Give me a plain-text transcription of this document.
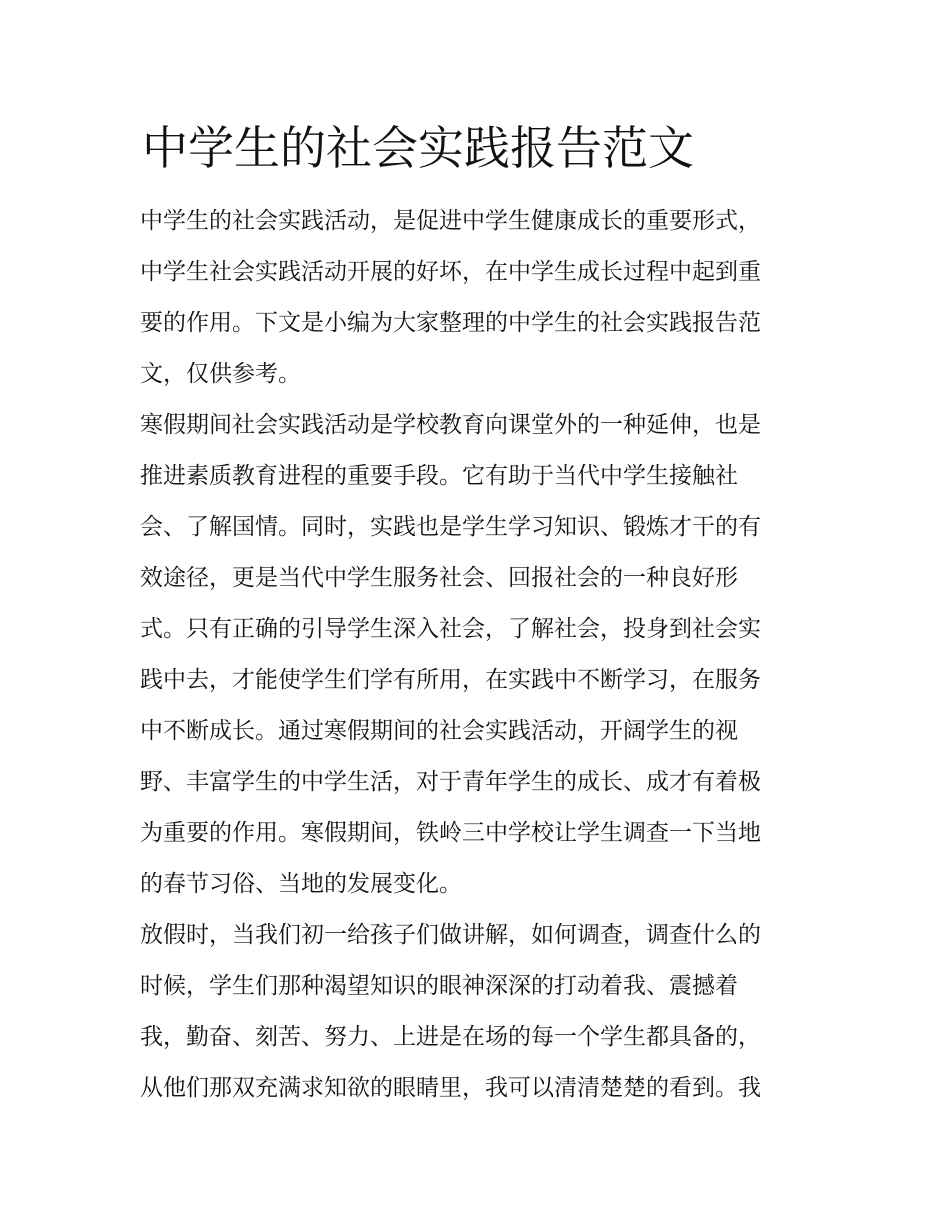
中学生的社会实践报告范文
中学生的社会实践活动，是促进中学生健康成长的重要形式，
中学生社会实践活动开展的好坏，在中学生成长过程中起到重
要的作用。下文是小编为大家整理的中学生的社会实践报告范
文，仅供参考。
寒假期间社会实践活动是学校教育向课堂外的一种延伸，也是
推进素质教育进程的重要手段。它有助于当代中学生接触社
会、了解国情。同时，实践也是学生学习知识、锻炼才干的有
效途径，更是当代中学生服务社会、回报社会的一种良好形
式。只有正确的引导学生深入社会，了解社会，投身到社会实
践中去，才能使学生们学有所用，在实践中不断学习，在服务
中不断成长。通过寒假期间的社会实践活动，开阔学生的视
野、丰富学生的中学生活，对于青年学生的成长、成才有着极
为重要的作用。寒假期间，铁岭三中学校让学生调查一下当地
的春节习俗、当地的发展变化。
放假时，当我们初一给孩子们做讲解，如何调查，调查什么的
时候，学生们那种渴望知识的眼神深深的打动着我、震撼着
我，勤奋、刻苦、努力、上进是在场的每一个学生都具备的，
从他们那双充满求知欲的眼睛里，我可以清清楚楚的看到。我
